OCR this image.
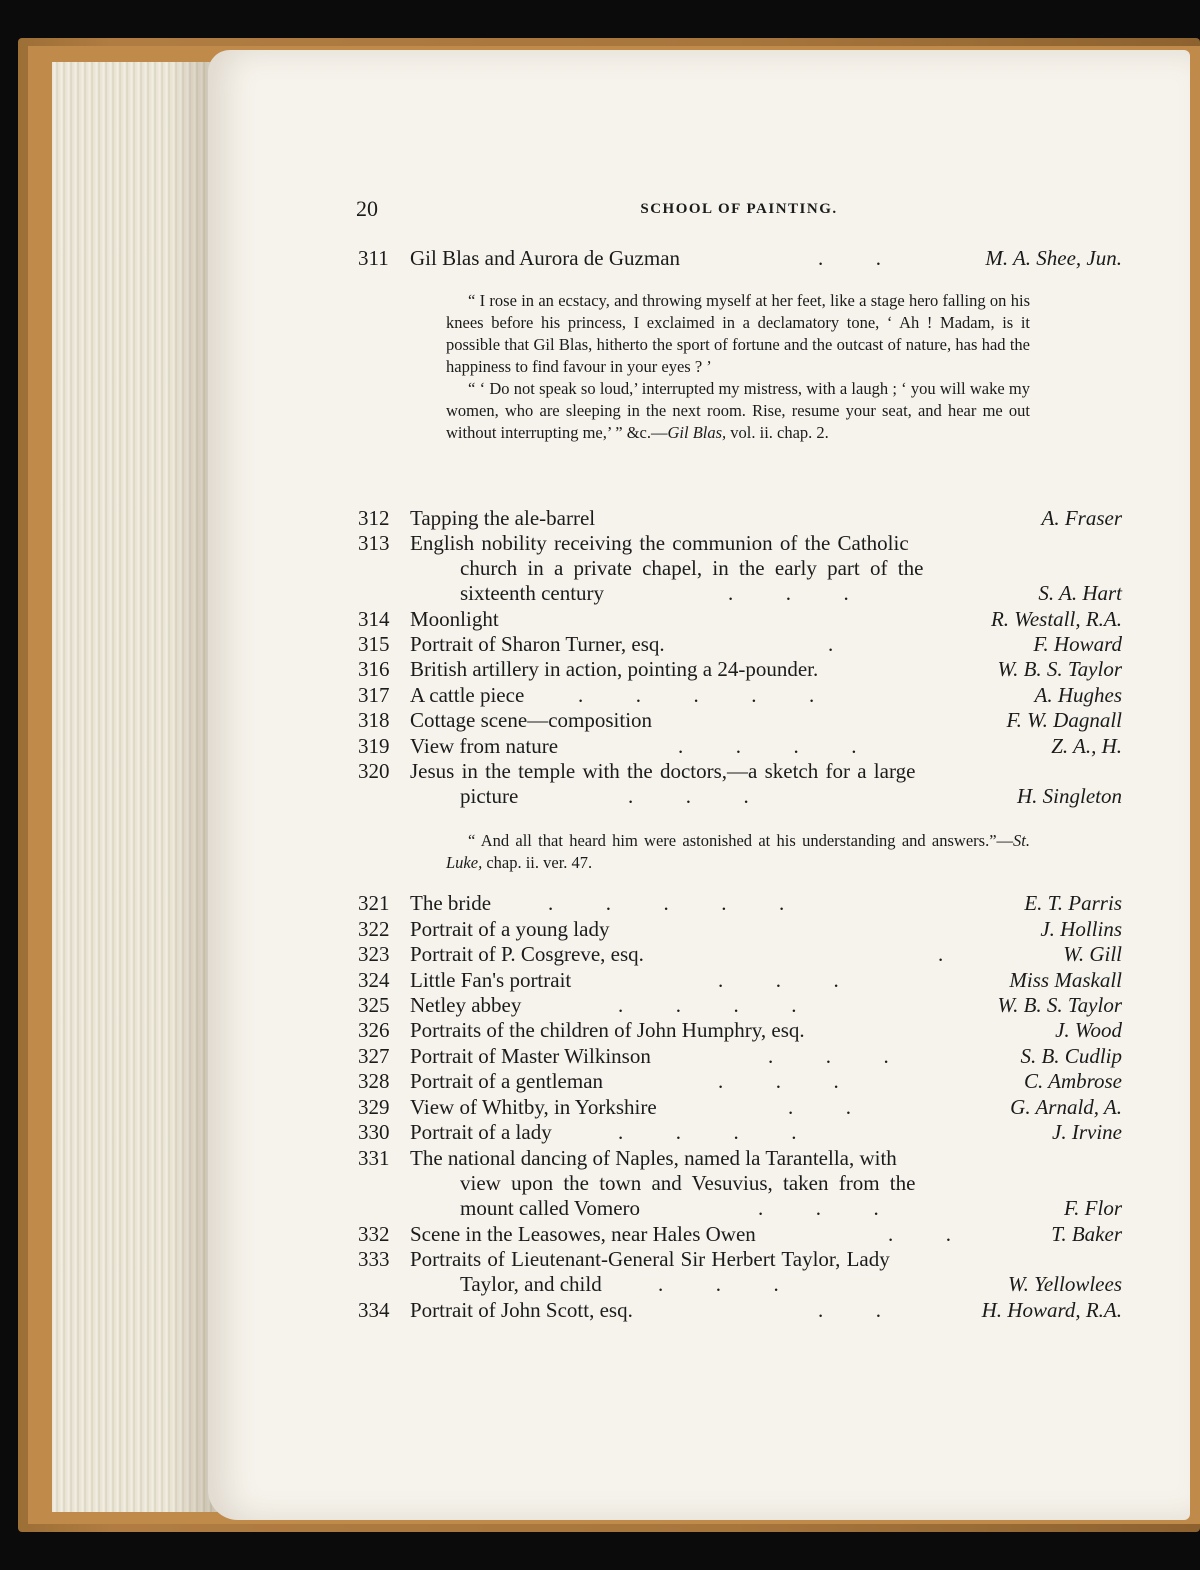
20	SCHOOL OF PAINTING.
311	Gil Blas and Aurora de Guzman	.          .	M. A. Shee, Jun.

“ I rose in an ecstacy, and throwing myself at her feet, like a stage hero falling on his knees before his princess, I exclaimed in a declamatory tone, ‘ Ah ! Madam, is it possible that Gil Blas, hitherto the sport of fortune and the outcast of nature, has had the happiness to find favour in your eyes ? ’

“ ‘ Do not speak so loud,’ interrupted my mistress, with a laugh ; ‘ you will wake my women, who are sleeping in the next room. Rise, resume your seat, and hear me out without interrupting me,’ ” &c.—Gil Blas, vol. ii. chap. 2.

312 Tapping the ale-barrel	A. Fraser
313 English nobility receiving the communion of the Catholic
church in a private chapel, in the early part of the
sixteenth century	.          .          .	S. A. Hart
314 Moonlight	R. Westall, R.A.
315 Portrait of Sharon Turner, esq.	.	F. Howard
316 British artillery in action, pointing a 24-pounder.	W. B. S. Taylor
317 A cattle piece	.          .          .          .          .	A. Hughes
318 Cottage scene—composition	F. W. Dagnall
319 View from nature	.          .          .          .	Z. A., H.
320 Jesus in the temple with the doctors,—a sketch for a large
picture	.          .          .	H. Singleton

“ And all that heard him were astonished at his understanding and answers.”—St. Luke, chap. ii. ver. 47.

321 The bride	.          .          .          .          .	E. T. Parris
322 Portrait of a young lady	J. Hollins
323 Portrait of P. Cosgreve, esq.	.	W. Gill
324 Little Fan's portrait	.          .          .	Miss Maskall
325 Netley abbey	.          .          .          .	W. B. S. Taylor
326 Portraits of the children of John Humphry, esq.	J. Wood
327 Portrait of Master Wilkinson	.          .          .	S. B. Cudlip
328 Portrait of a gentleman	.          .          .	C. Ambrose
329 View of Whitby, in Yorkshire	.          .	G. Arnald, A.
330 Portrait of a lady	.          .          .          .	J. Irvine
331 The national dancing of Naples, named la Tarantella, with
view upon the town and Vesuvius, taken from the
mount called Vomero	.          .          .	F. Flor
332 Scene in the Leasowes, near Hales Owen	.          .	T. Baker
333 Portraits of Lieutenant-General Sir Herbert Taylor, Lady
Taylor, and child	.          .          .	W. Yellowlees
334 Portrait of John Scott, esq.	.          .	H. Howard, R.A.
